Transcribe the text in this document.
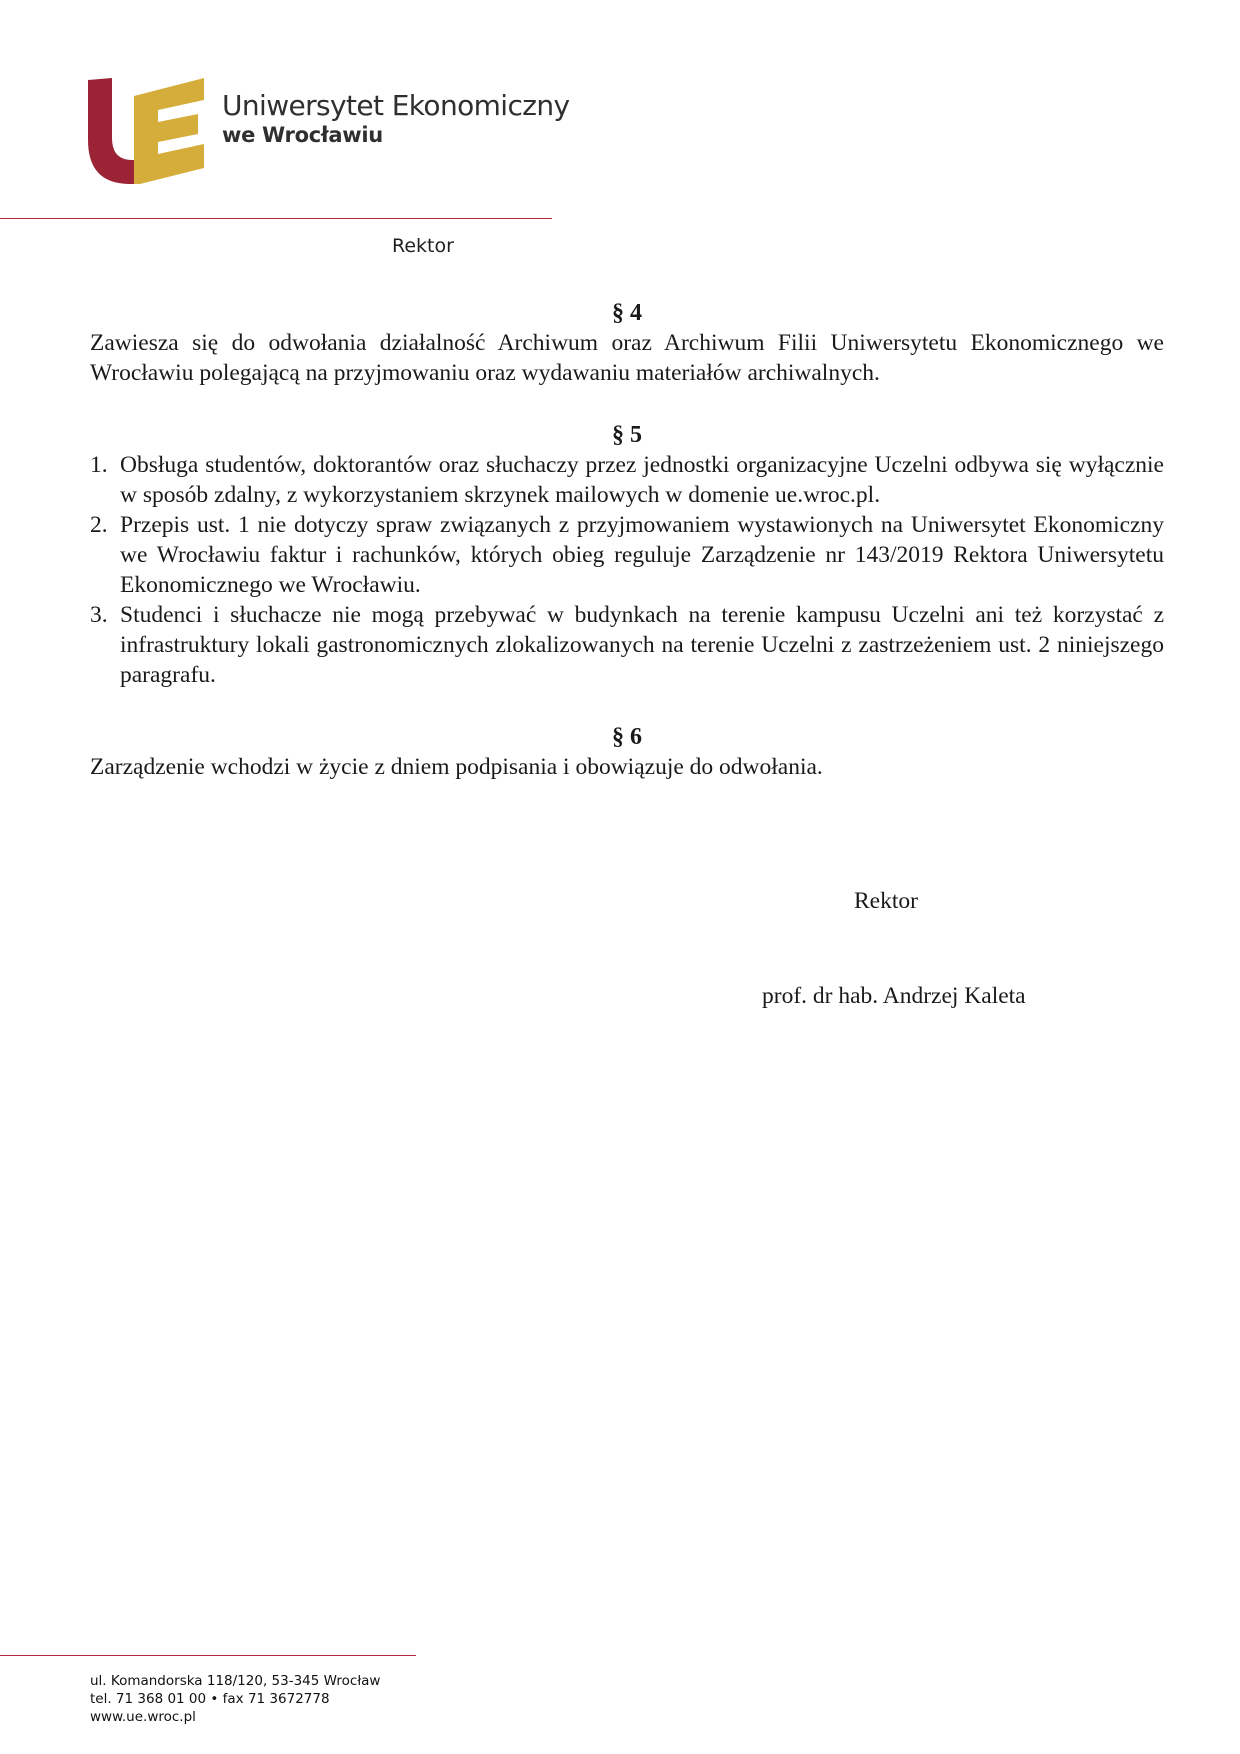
Uniwersytet Ekonomiczny
we Wrocławiu
Rektor
§ 4

Zawiesza się do odwołania działalność Archiwum oraz Archiwum Filii Uniwersytetu Ekonomicznego we Wrocławiu polegającą na przyjmowaniu oraz wydawaniu materiałów archiwalnych.

§ 5
1. Obsługa studentów, doktorantów oraz słuchaczy przez jednostki organizacyjne Uczelni odbywa się wyłącznie w sposób zdalny, z wykorzystaniem skrzynek mailowych w domenie ue.wroc.pl.
2. Przepis ust. 1 nie dotyczy spraw związanych z przyjmowaniem wystawionych na Uniwersytet Ekonomiczny we Wrocławiu faktur i rachunków, których obieg reguluje Zarządzenie nr 143/2019 Rektora Uniwersytetu Ekonomicznego we Wrocławiu.
3. Studenci i słuchacze nie mogą przebywać w budynkach na terenie kampusu Uczelni ani też korzystać z infrastruktury lokali gastronomicznych zlokalizowanych na terenie Uczelni z zastrzeżeniem ust. 2 niniejszego paragrafu.
§ 6

Zarządzenie wchodzi w życie z dniem podpisania i obowiązuje do odwołania.

Rektor
prof. dr hab. Andrzej Kaleta
ul. Komandorska 118/120, 53-345 Wrocław
tel. 71 368 01 00 • fax 71 3672778
www.ue.wroc.pl
